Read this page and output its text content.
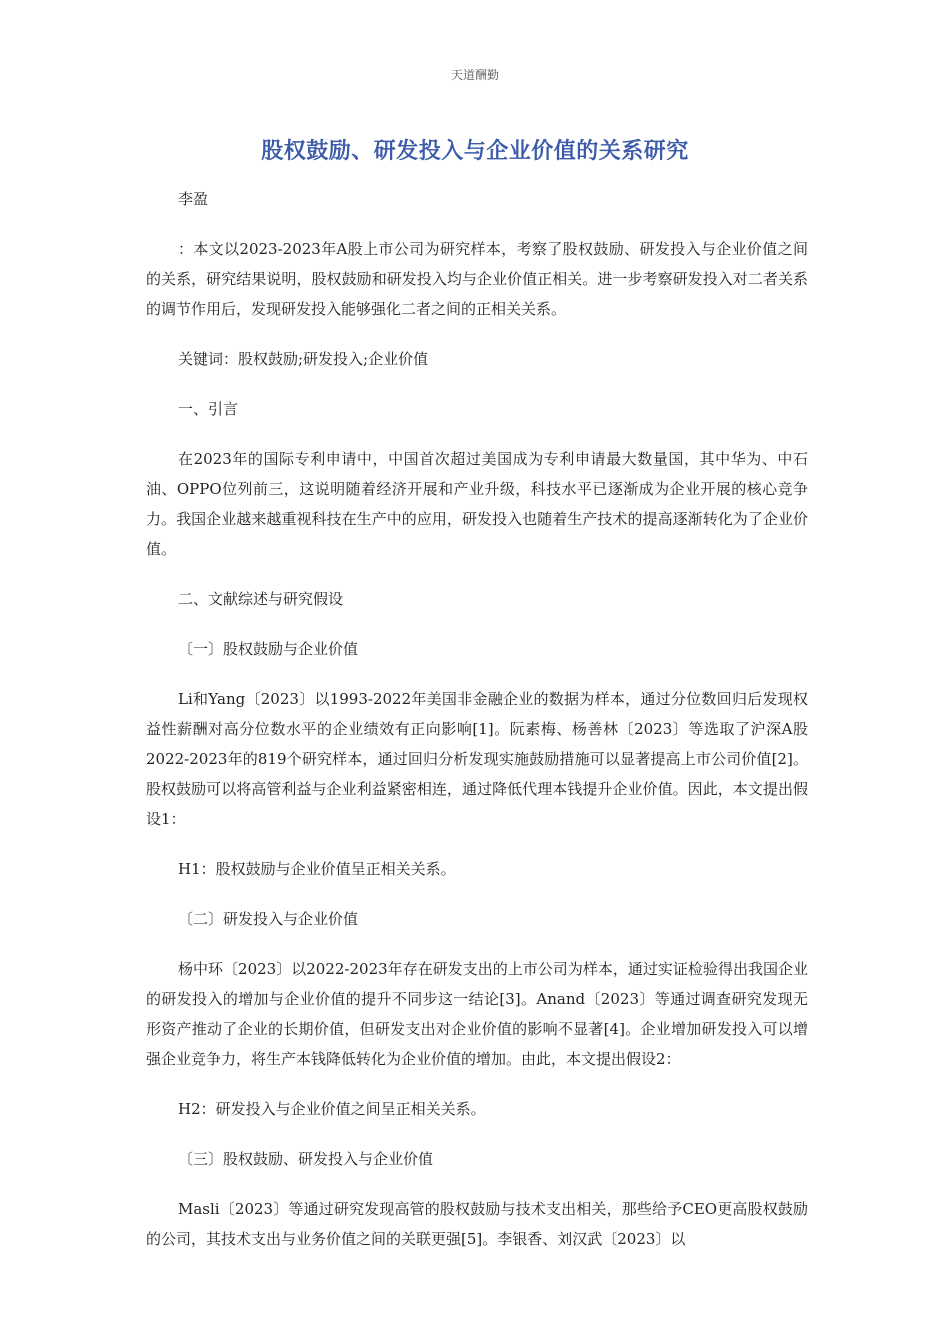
天道酬勤
股权鼓励、研发投入与企业价值的关系研究

李盈

：本文以2023-2023年A股上市公司为研究样本，考察了股权鼓励、研发投入与企业价值之间的关系，研究结果说明，股权鼓励和研发投入均与企业价值正相关。进一步考察研发投入对二者关系的调节作用后，发现研发投入能够强化二者之间的正相关关系。

关键词：股权鼓励;研发投入;企业价值

一、引言

在2023年的国际专利申请中，中国首次超过美国成为专利申请最大数量国，其中华为、中石油、OPPO位列前三，这说明随着经济开展和产业升级，科技水平已逐渐成为企业开展的核心竞争力。我国企业越来越重视科技在生产中的应用，研发投入也随着生产技术的提高逐渐转化为了企业价值。

二、文献综述与研究假设

〔一〕股权鼓励与企业价值

Li和Yang〔2023〕以1993-2022年美国非金融企业的数据为样本，通过分位数回归后发现权益性薪酬对高分位数水平的企业绩效有正向影响[1]。阮素梅、杨善林〔2023〕等选取了沪深A股2022-2023年的819个研究样本，通过回归分析发现实施鼓励措施可以显著提高上市公司价值[2]。股权鼓励可以将高管利益与企业利益紧密相连，通过降低代理本钱提升企业价值。因此，本文提出假设1：

H1：股权鼓励与企业价值呈正相关关系。

〔二〕研发投入与企业价值

杨中环〔2023〕以2022-2023年存在研发支出的上市公司为样本，通过实证检验得出我国企业的研发投入的增加与企业价值的提升不同步这一结论[3]。Anand〔2023〕等通过调查研究发现无形资产推动了企业的长期价值，但研发支出对企业价值的影响不显著[4]。企业增加研发投入可以增强企业竞争力，将生产本钱降低转化为企业价值的增加。由此，本文提出假设2：

H2：研发投入与企业价值之间呈正相关关系。

〔三〕股权鼓励、研发投入与企业价值

Masli〔2023〕等通过研究发现高管的股权鼓励与技术支出相关，那些给予CEO更高股权鼓励的公司，其技术支出与业务价值之间的关联更强[5]。李银香、刘汉武〔2023〕以
